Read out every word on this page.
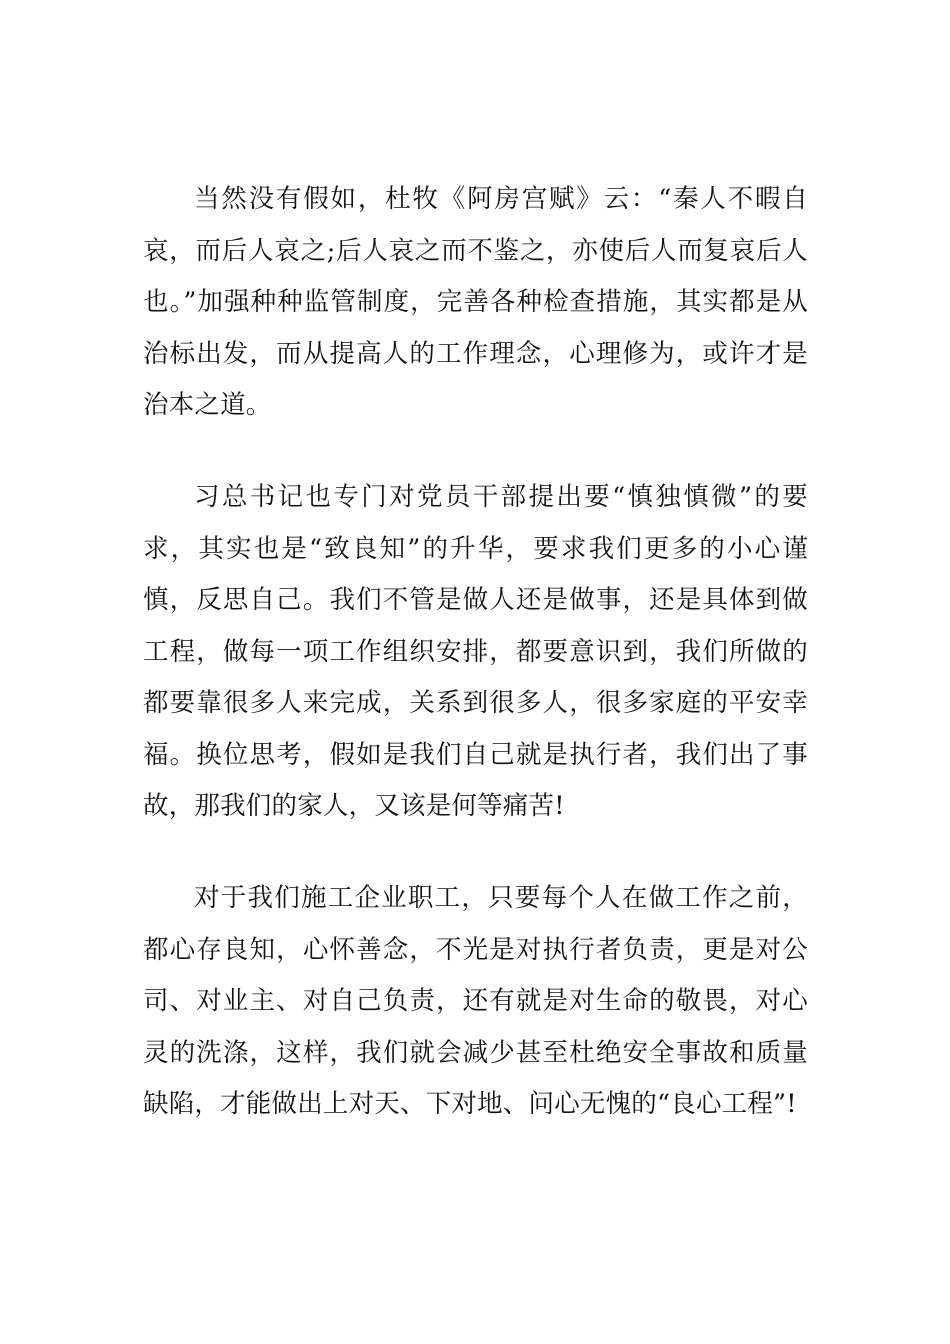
当然没有假如，杜牧《阿房宫赋》云：“秦人不暇自哀，而后人哀之;后人哀之而不鉴之，亦使后人而复哀后人也。”加强种种监管制度，完善各种检查措施，其实都是从治标出发，而从提高人的工作理念，心理修为，或许才是治本之道。

习总书记也专门对党员干部提出要“慎独慎微”的要求，其实也是“致良知”的升华，要求我们更多的小心谨慎，反思自己。我们不管是做人还是做事，还是具体到做工程，做每一项工作组织安排，都要意识到，我们所做的都要靠很多人来完成，关系到很多人，很多家庭的平安幸福。换位思考，假如是我们自己就是执行者，我们出了事故，那我们的家人，又该是何等痛苦!

对于我们施工企业职工，只要每个人在做工作之前，都心存良知，心怀善念，不光是对执行者负责，更是对公司、对业主、对自己负责，还有就是对生命的敬畏，对心灵的洗涤，这样，我们就会减少甚至杜绝安全事故和质量缺陷，才能做出上对天、下对地、问心无愧的“良心工程”!
